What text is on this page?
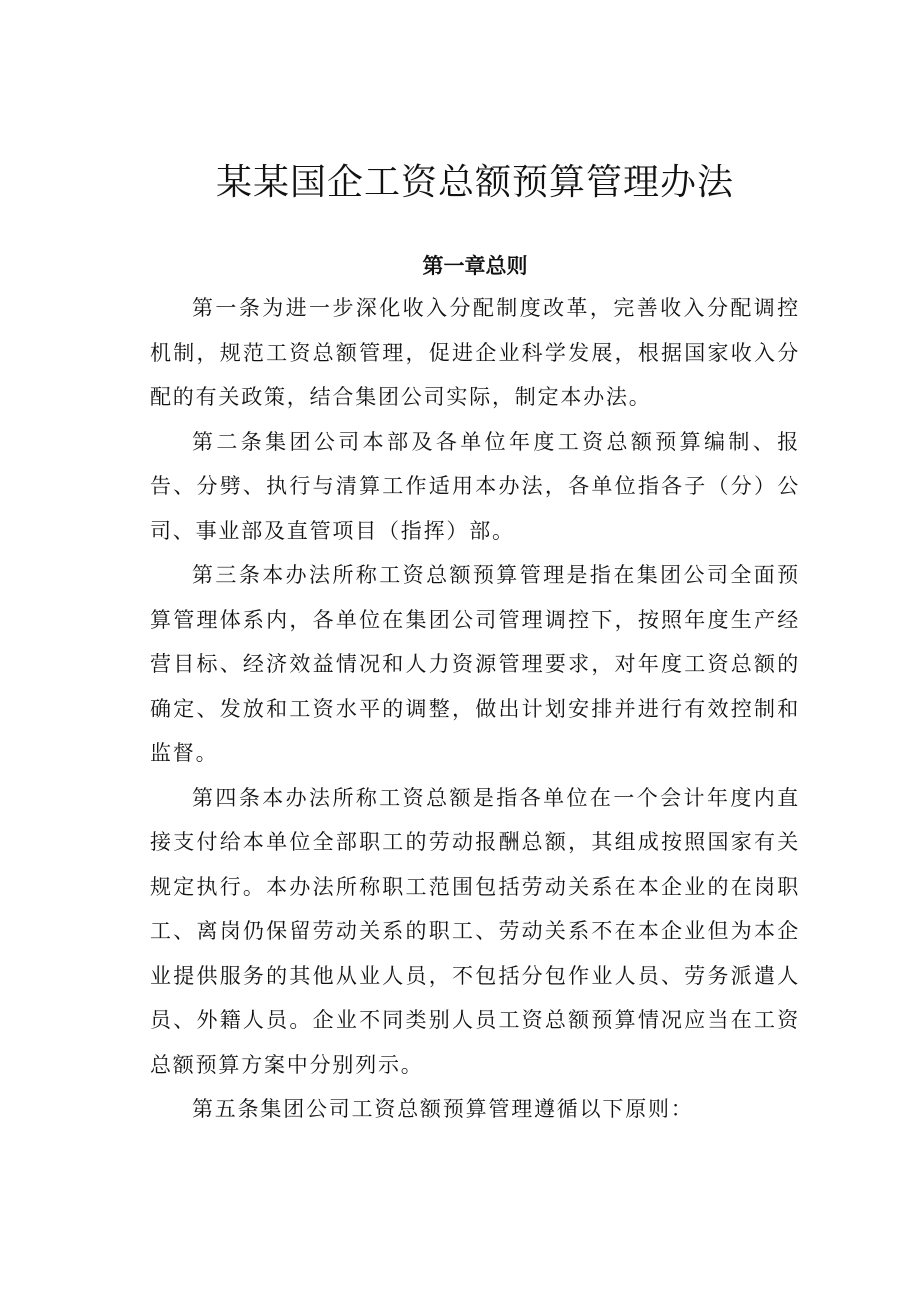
某某国企工资总额预算管理办法
第一章总则

第一条为进一步深化收入分配制度改革，完善收入分配调控机制，规范工资总额管理，促进企业科学发展，根据国家收入分配的有关政策，结合集团公司实际，制定本办法。

第二条集团公司本部及各单位年度工资总额预算编制、报告、分劈、执行与清算工作适用本办法，各单位指各子（分）公司、事业部及直管项目（指挥）部。

第三条本办法所称工资总额预算管理是指在集团公司全面预算管理体系内，各单位在集团公司管理调控下，按照年度生产经营目标、经济效益情况和人力资源管理要求，对年度工资总额的确定、发放和工资水平的调整，做出计划安排并进行有效控制和监督。

第四条本办法所称工资总额是指各单位在一个会计年度内直接支付给本单位全部职工的劳动报酬总额，其组成按照国家有关规定执行。本办法所称职工范围包括劳动关系在本企业的在岗职工、离岗仍保留劳动关系的职工、劳动关系不在本企业但为本企业提供服务的其他从业人员，不包括分包作业人员、劳务派遣人员、外籍人员。企业不同类别人员工资总额预算情况应当在工资总额预算方案中分别列示。

第五条集团公司工资总额预算管理遵循以下原则：
